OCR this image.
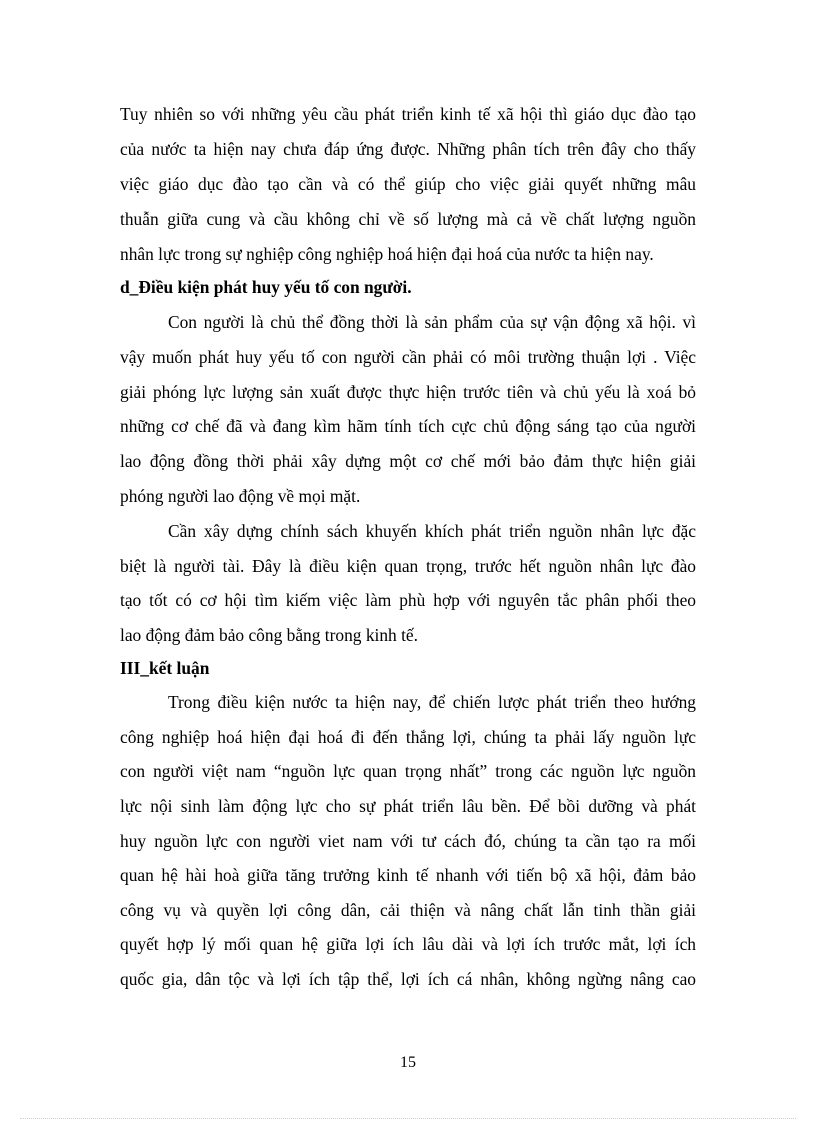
Tuy nhiên so với những yêu cầu phát triển kinh tế xã hội thì giáo dục đào tạo
của nước ta hiện nay chưa đáp ứng được. Những phân tích trên đây cho thấy
việc giáo dục đào tạo cần và có thể giúp cho việc giải quyết những mâu
thuẫn giữa cung và cầu không chỉ về số lượng mà cả về chất lượng nguồn
nhân lực trong sự nghiệp công nghiệp hoá hiện đại hoá của nước ta hiện nay.
d_Điều kiện phát huy yếu tố con người.
Con người là chủ thể đồng thời là sản phẩm của sự vận động xã hội. vì
vậy muốn phát huy yếu tố con người cần phải có môi trường thuận lợi . Việc
giải phóng lực lượng sản xuất được thực hiện trước tiên và chủ yếu là xoá bỏ
những cơ chế đã và đang kìm hãm tính tích cực chủ động sáng tạo của người
lao động đồng thời phải xây dựng một cơ chế mới bảo đảm thực hiện giải
phóng người lao động về mọi mặt.
Cần xây dựng chính sách khuyến khích phát triển nguồn nhân lực đặc
biệt là người tài. Đây là điều kiện quan trọng, trước hết nguồn nhân lực đào
tạo tốt có cơ hội tìm kiếm việc làm phù hợp với nguyên tắc phân phối theo
lao động đảm bảo công bằng trong kinh tế.
III_kết luận
Trong điều kiện nước ta hiện nay, để chiến lược phát triển theo hướng
công nghiệp hoá hiện đại hoá đi đến thắng lợi, chúng ta phải lấy nguồn lực
con người việt nam “nguồn lực quan trọng nhất” trong các nguồn lực nguồn
lực nội sinh làm động lực cho sự phát triển lâu bền. Để bồi dưỡng và phát
huy nguồn lực con người viet nam với tư cách đó, chúng ta cần tạo ra mối
quan hệ hài hoà giữa tăng trưởng kinh tế nhanh với tiến bộ xã hội, đảm bảo
công vụ và quyền lợi công dân, cải thiện và nâng chất lẫn tinh thần giải
quyết hợp lý mối quan hệ giữa lợi ích lâu dài và lợi ích trước mắt, lợi ích
quốc gia, dân tộc và lợi ích tập thể, lợi ích cá nhân, không ngừng nâng cao
15
